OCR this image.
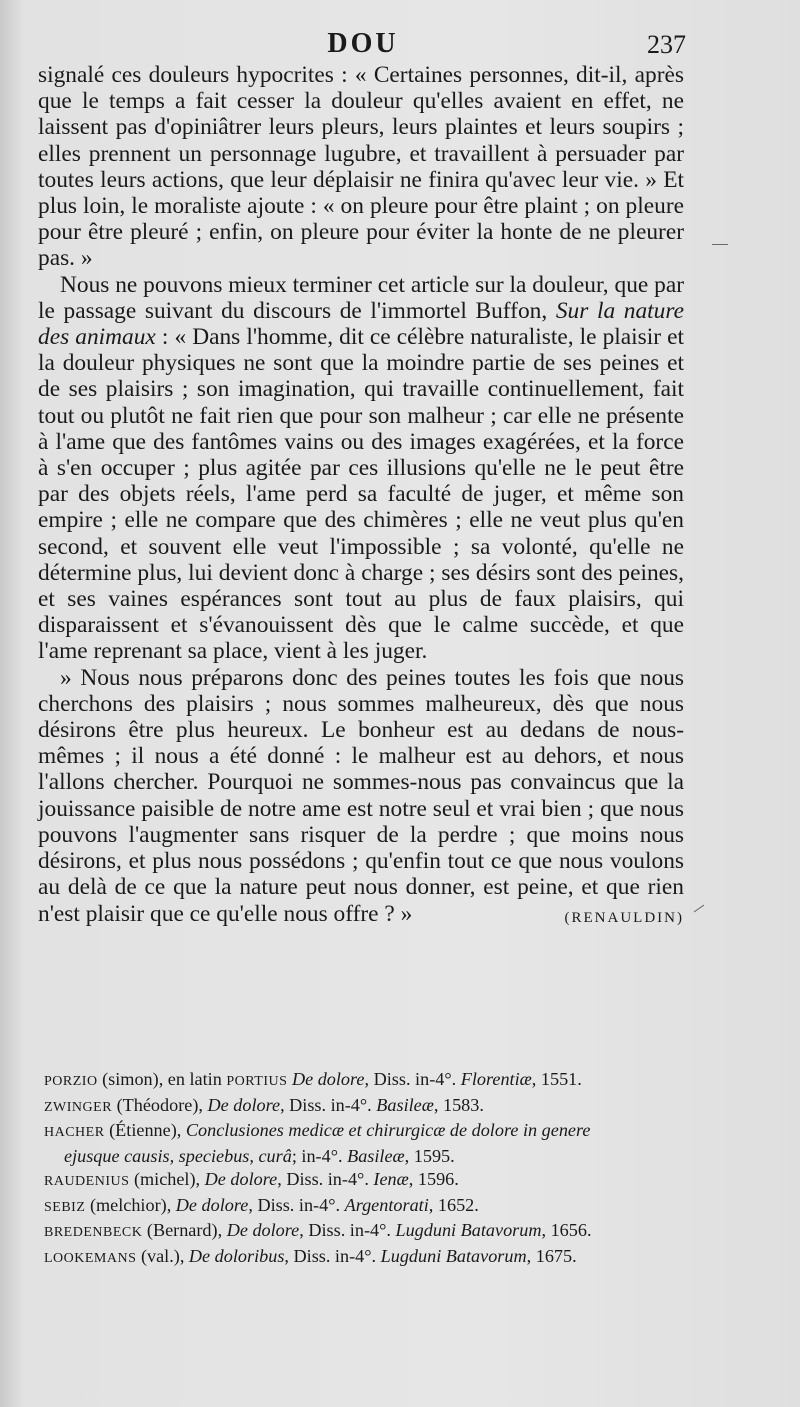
DOU	237

signalé ces douleurs hypocrites : « Certaines personnes, dit-il, après que le temps a fait cesser la douleur qu'elles avaient en effet, ne laissent pas d'opiniâtrer leurs pleurs, leurs plaintes et leurs soupirs ; elles prennent un personnage lugubre, et travaillent à persuader par toutes leurs actions, que leur déplaisir ne finira qu'avec leur vie. » Et plus loin, le moraliste ajoute : « on pleure pour être plaint ; on pleure pour être pleuré ; enfin, on pleure pour éviter la honte de ne pleurer pas. »

Nous ne pouvons mieux terminer cet article sur la douleur, que par le passage suivant du discours de l'immortel Buffon, Sur la nature des animaux : « Dans l'homme, dit ce célèbre naturaliste, le plaisir et la douleur physiques ne sont que la moindre partie de ses peines et de ses plaisirs ; son imagination, qui travaille continuellement, fait tout ou plutôt ne fait rien que pour son malheur ; car elle ne présente à l'ame que des fantômes vains ou des images exagérées, et la force à s'en occuper ; plus agitée par ces illusions qu'elle ne le peut être par des objets réels, l'ame perd sa faculté de juger, et même son empire ; elle ne compare que des chimères ; elle ne veut plus qu'en second, et souvent elle veut l'impossible ; sa volonté, qu'elle ne détermine plus, lui devient donc à charge ; ses désirs sont des peines, et ses vaines espérances sont tout au plus de faux plaisirs, qui disparaissent et s'évanouissent dès que le calme succède, et que l'ame reprenant sa place, vient à les juger.

» Nous nous préparons donc des peines toutes les fois que nous cherchons des plaisirs ; nous sommes malheureux, dès que nous désirons être plus heureux. Le bonheur est au dedans de nous-mêmes ; il nous a été donné : le malheur est au dehors, et nous l'allons chercher. Pourquoi ne sommes-nous pas convaincus que la jouissance paisible de notre ame est notre seul et vrai bien ; que nous pouvons l'augmenter sans risquer de la perdre ; que moins nous désirons, et plus nous possédons ; qu'enfin tout ce que nous voulons au delà de ce que la nature peut nous donner, est peine, et que rien n'est plaisir que ce qu'elle nous offre ? »	(RENAULDIN)

PORZIO (simon), en latin PORTIUS De dolore, Diss. in-4°. Florentiæ, 1551.
ZWINGER (Théodore), De dolore, Diss. in-4°. Basileæ, 1583.
HACHER (Étienne), Conclusiones medicæ et chirurgicæ de dolore in genere
ejusque causis, speciebus, curâ; in-4°. Basileæ, 1595.
RAUDENIUS (michel), De dolore, Diss. in-4°. Ienæ, 1596.
SEBIZ (melchior), De dolore, Diss. in-4°. Argentorati, 1652.
BREDENBECK (Bernard), De dolore, Diss. in-4°. Lugduni Batavorum, 1656.
LOOKEMANS (val.), De doloribus, Diss. in-4°. Lugduni Batavorum, 1675.
